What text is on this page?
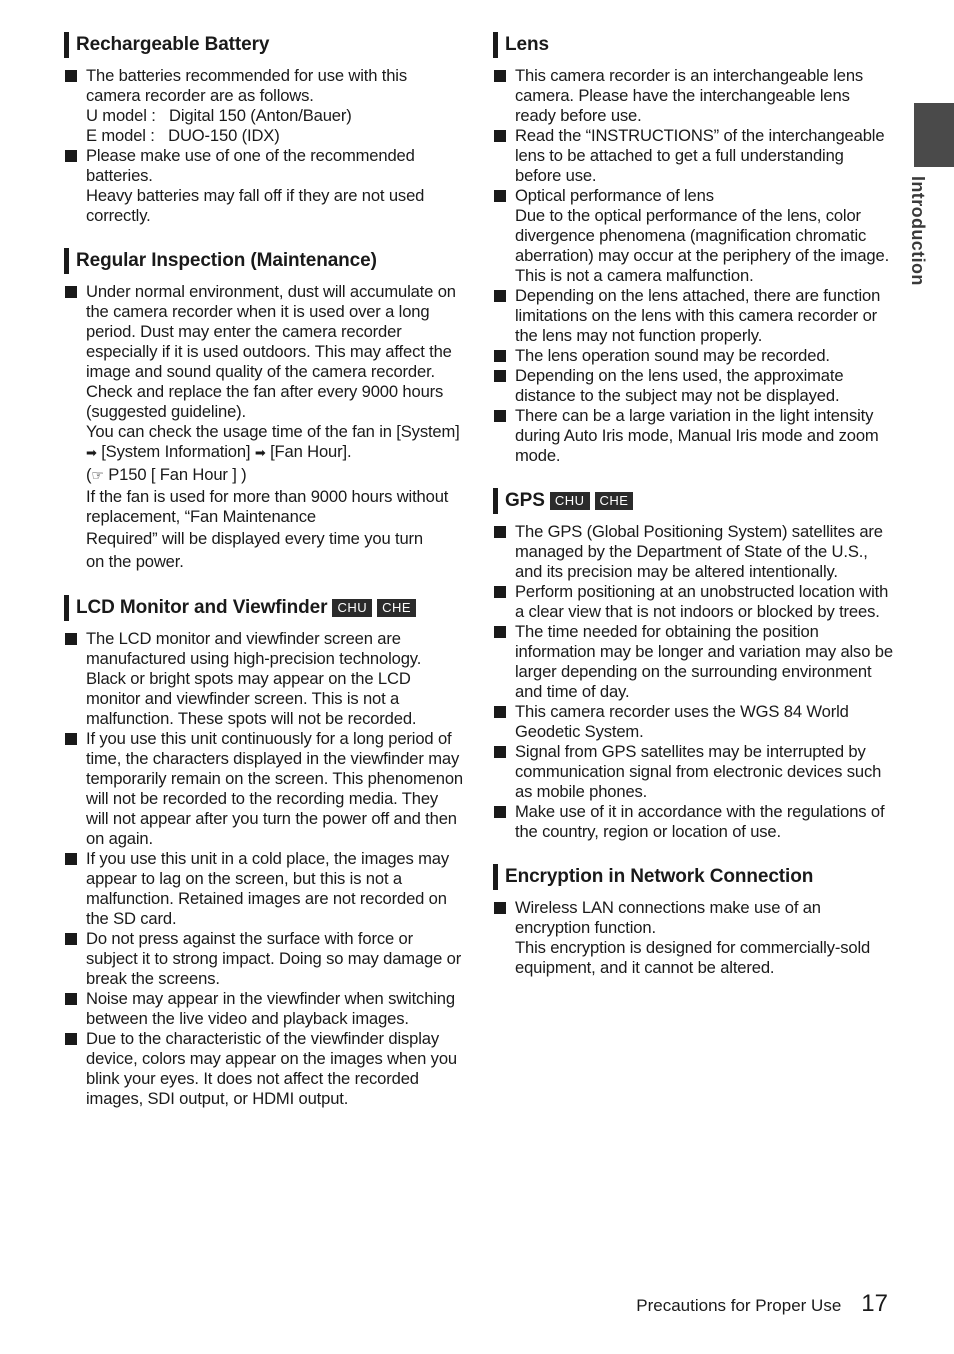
Rechargeable Battery
The batteries recommended for use with this camera recorder are as follows.
U model :   Digital 150 (Anton/Bauer)
E model :   DUO-150 (IDX)
Please make use of one of the recommended batteries.
Heavy batteries may fall off if they are not used correctly.
Regular Inspection (Maintenance)
Under normal environment, dust will accumulate on the camera recorder when it is used over a long period. Dust may enter the camera recorder especially if it is used outdoors. This may affect the image and sound quality of the camera recorder. Check and replace the fan after every 9000 hours (suggested guideline).
You can check the usage time of the fan in [System] ➡ [System Information] ➡ [Fan Hour].
(☞ P150 [ Fan Hour ] )
If the fan is used for more than 9000 hours without replacement, “Fan Maintenance
Required” will be displayed every time you turn
on the power.
LCD Monitor and Viewfinder CHU	CHE
The LCD monitor and viewfinder screen are manufactured using high-precision technology. Black or bright spots may appear on the LCD monitor and viewfinder screen. This is not a malfunction. These spots will not be recorded.
If you use this unit continuously for a long period of time, the characters displayed in the viewfinder may temporarily remain on the screen. This phenomenon will not be recorded to the recording media. They will not appear after you turn the power off and then on again.
If you use this unit in a cold place, the images may appear to lag on the screen, but this is not a malfunction. Retained images are not recorded on the SD card.
Do not press against the surface with force or subject it to strong impact. Doing so may damage or break the screens.
Noise may appear in the viewfinder when switching between the live video and playback images.
Due to the characteristic of the viewfinder display device, colors may appear on the images when you blink your eyes. It does not affect the recorded images, SDI output, or HDMI output.
Lens
This camera recorder is an interchangeable lens camera. Please have the interchangeable lens ready before use.
Read the “INSTRUCTIONS” of the interchangeable lens to be attached to get a full understanding before use.
Optical performance of lens
Due to the optical performance of the lens, color divergence phenomena (magnification chromatic aberration) may occur at the periphery of the image. This is not a camera malfunction.
Depending on the lens attached, there are function limitations on the lens with this camera recorder or the lens may not function properly.
The lens operation sound may be recorded.
Depending on the lens used, the approximate distance to the subject may not be displayed.
There can be a large variation in the light intensity during Auto Iris mode, Manual Iris mode and zoom mode.
GPS CHU	CHE
The GPS (Global Positioning System) satellites are managed by the Department of State of the U.S., and its precision may be altered intentionally.
Perform positioning at an unobstructed location with a clear view that is not indoors or blocked by trees.
The time needed for obtaining the position information may be longer and variation may also be larger depending on the surrounding environment and time of day.
This camera recorder uses the WGS 84 World Geodetic System.
Signal from GPS satellites may be interrupted by communication signal from electronic devices such as mobile phones.
Make use of it in accordance with the regulations of the country, region or location of use.
Encryption in Network Connection
Wireless LAN connections make use of an encryption function.
This encryption is designed for commercially-sold equipment, and it cannot be altered.
Introduction
Precautions for Proper Use 17
